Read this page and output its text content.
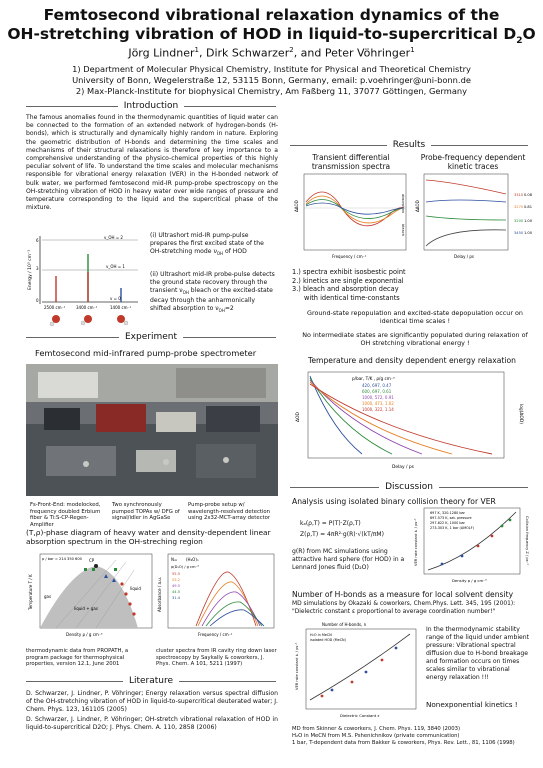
Femtosecond vibrational relaxation dynamics of the
OH-stretching vibration of HOD in liquid-to-supercritical $D_2O$
Jörg Lindner$^1$, Dirk Schwarzer$^2$, and Peter Vöhringer$^1$
1) Department of Molecular Physical Chemistry, Institute for Physical and Theoretical Chemistry
University of Bonn, Wegelerstraße 12, 53115 Bonn, Germany, email: p.voehringer@uni-bonn.de
2) Max-Planck-Institute for biophysical Chemistry, Am Faßberg 11, 37077 Göttingen, Germany
Introduction
The famous anomalies found in the thermodynamic quantities of liquid water can be connected to the formation of an extended network of hydrogen-bonds (H-bonds), which is structurally and dynamically highly random in nature. Exploring the geometric distribution of H-bonds and determining the time scales and mechanisms of their structural relaxations is therefore of key importance to a comprehensive understanding of the physico-chemical properties of this highly peculiar solvent of life. To understand the time scales and molecular mechanisms responsible for vibrational energy relaxation (VER) in the H-bonded network of bulk water, we performed femtosecond mid-IR pump-probe spectroscopy on the OH-stretching vibration of HOD in heavy water over wide ranges of pressure and temperature corresponding to the liquid and the supercritical phase of the mixture.
Energy / 10³ cm⁻¹
6
3
0
v_OH = 2
v_OH = 1
v = 0
2500 cm⁻¹	3400 cm⁻¹	1400 cm⁻¹
(i) Ultrashort mid-IR pump-pulse prepares the first excited state of the OH-stretching mode $\nu_{OH}$ of HOD
(ii) Ultrashort mid-IR probe-pulse detects the ground state recovery through the transient $\nu_{OH}$ bleach or the excited-state decay through the anharmonically shifted absorption to $\nu_{OH}=2$
Experiment
Femtosecond mid-infrared pump-probe spectrometer
Fs-Front-End: modelocked, frequency doubled Erbium fiber & Ti:S-CP-Regen-Amplifier
Two synchronously pumped TOPAs w/ DFG of signal/idler in AgGaSe
Pump-probe setup w/ wavelength-resolved detection using 2x32-MCT-array detector
(T,ρ)-phase diagram of heavy water and density-dependent linear absorption spectrum in the OH-streching region
CP
liquid
gas
liquid + gas
p / bar = 214 350 600
Temperature T / K
Density ρ / g cm⁻³
N= (H₂O)ₙ
ρ(D₂O) / g cm⁻³
55.5
53.2
49.5
44.5
31.4
Absorbance / a.u.
Frequency / cm⁻¹
thermodynamic data from PROPATH, a program package for thermophysical properties, version 12.1, June 2001
cluster spectra from IR cavity ring down laser spectroscopy by Saykally & coworkers, J. Phys. Chem. A 101, 5211 (1997)
Literature
D. Schwarzer, J. Lindner, P. Vöhringer; Energy relaxation versus spectral diffusion of the OH-stretching vibration of HOD in liquid-to-supercritical deuterated water; J. Chem. Phys. 123, 161105 (2005)
D. Schwarzer, J. Lindner, P. Vöhringer; OH-stretch vibrational relaxation of HOD in liquid-to-supercritical D2O; J. Phys. Chem. A. 110, 2858 (2006)
Results
Transient differential transmission spectra
Probe-frequency dependent kinetic traces
ΔΔOD
Frequency / cm⁻¹
absorption
bleach
3310 0.08
3270 0.81
3200 1.00
3450 1.00
ΔΔOD
Delay / ps
1.) spectra exhibit isosbestic point
2.) kinetics are single exponential
3.) bleach and absorption decay
with identical time-constants
Ground-state repopulation and excited-state depopulation occur on identical time scales !
No intermediate states are significantly populated during relaxation of OH stretching vibrational energy !
Temperature and density dependent energy relaxation
p/bar, T/K , ρ/g cm⁻³
420, 697, 0.47
600, 697, 0.61
1000, 572, 0.91
1000, 473, 1.02
1000, 322, 1.14
ΔOD	log(ΔOD)
Delay / ps
Discussion
Analysis using isolated binary collision theory for VER
kₐ(ρ,T) = P(T)·Z(ρ,T)
Z(ρ,T) = 4πR²·g(R)·√(kT/πM)
g(R) from MC simulations using attractive hard sphere (for HOD) in a Lennard Jones fluid (D₂O)
697 K, 320-1280 bar
697-573 K, sat. pressure
297-622 K, 1000 bar
273-303 K, 1 bar (AMOLF)
VER rate constant kᵣ / ps⁻¹	Collision frequency Z / ps⁻¹
Density ρ / g cm⁻³
Number of H-bonds as a measure for local solvent density
MD simulations by Okazaki & coworkers, Chem.Phys. Lett. 345, 195 (2001):
"Dielectric constant ε proportional to average coordination number!"
Number of H-bonds, n
H₂O in MeCN
isolated HOD (MeCN)
VER rate constant kᵣ / ps⁻¹
Dielectric Constant ε
In the thermodynamic stability range of the liquid under ambient pressure: Vibrational spectral diffusion due to H-bond breakage and formation occurs on times scales similar to vibrational energy relaxation !!!
Nonexponential kinetics !
MD from Skinner & coworkers, J. Chem. Phys. 119, 3840 (2003)
H₂O in MeCN from M.S. Pshenichnikov (private communication)
1 bar, T-dependent data from Bakker & coworkers, Phys. Rev. Lett., 81, 1106 (1998)
